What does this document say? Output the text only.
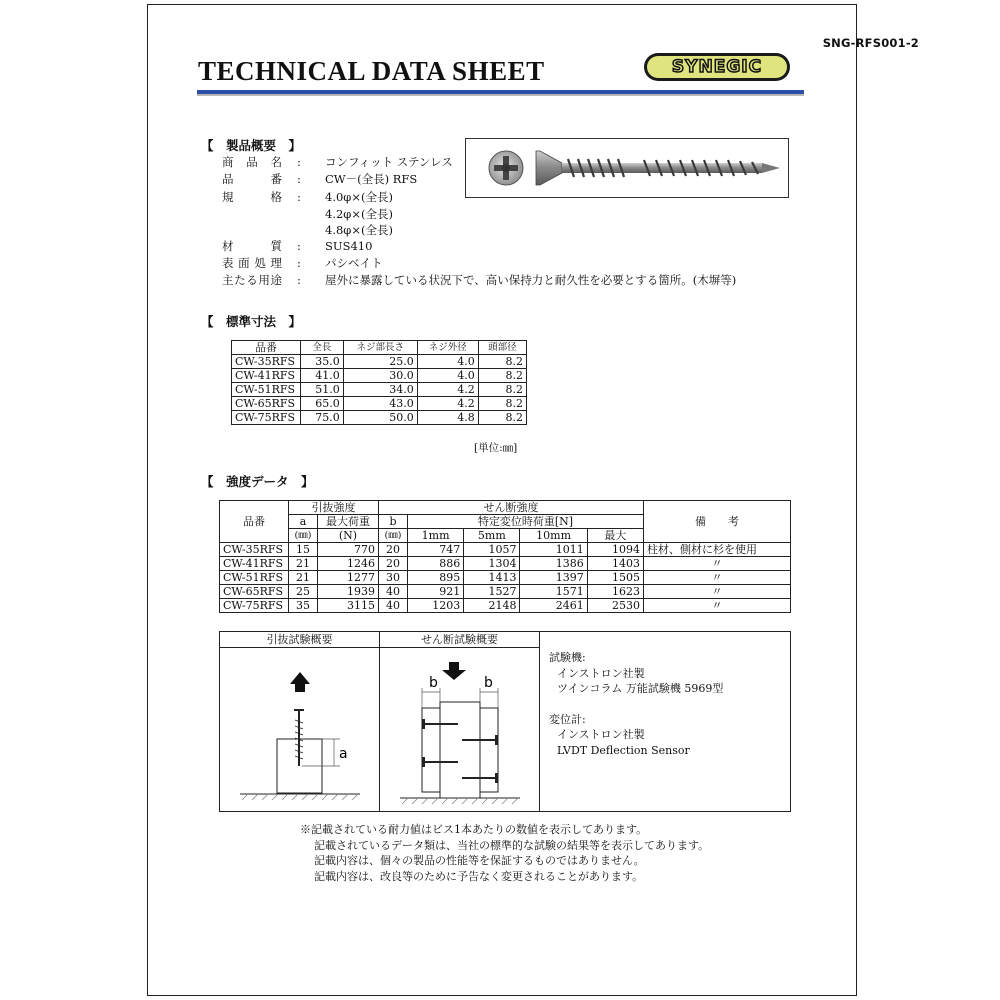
SNG-RFS001-2
TECHNICAL DATA SHEET	SYNEGIC
【　製品概要　】
商品名 : コンフィット ステンレス
品番 : CW－(全長) RFS
規格 : 4.0φ×(全長)
4.2φ×(全長)
4.8φ×(全長)
材質 : SUS410
表面処理 : パシベイト
主たる用途 : 屋外に暴露している状況下で、高い保持力と耐久性を必要とする箇所。(木塀等)
【　標準寸法　】
品番	全長	ネジ部長さ	ネジ外径	頭部径
CW-35RFS	35.0	25.0	4.0	8.2
CW-41RFS	41.0	30.0	4.0	8.2
CW-51RFS	51.0	34.0	4.2	8.2
CW-65RFS	65.0	43.0	4.2	8.2
CW-75RFS	75.0	50.0	4.8	8.2
[単位:㎜]
【　強度データ　】
品番	引抜強度		せん断強度					備　　考
	a	最大荷重	b	特定変位時荷重[N]				
	(㎜)	(N)	(㎜)	1mm	5mm	10mm	最大	
CW-35RFS	15	770	20	747	1057	1011	1094	柱材、側材に杉を使用
CW-41RFS	21	1246	20	886	1304	1386	1403	〃
CW-51RFS	21	1277	30	895	1413	1397	1505	〃
CW-65RFS	25	1939	40	921	1527	1571	1623	〃
CW-75RFS	35	3115	40	1203	2148	2461	2530	〃
引抜試験概要
a
せん断試験概要
b	b
試験機:
インストロン社製
ツインコラム 万能試験機 5969型
変位計:
インストロン社製
LVDT Deflection Sensor
※記載されている耐力値はビス1本あたりの数値を表示してあります。
記載されているデータ類は、当社の標準的な試験の結果等を表示してあります。
記載内容は、個々の製品の性能等を保証するものではありません。
記載内容は、改良等のために予告なく変更されることがあります。
